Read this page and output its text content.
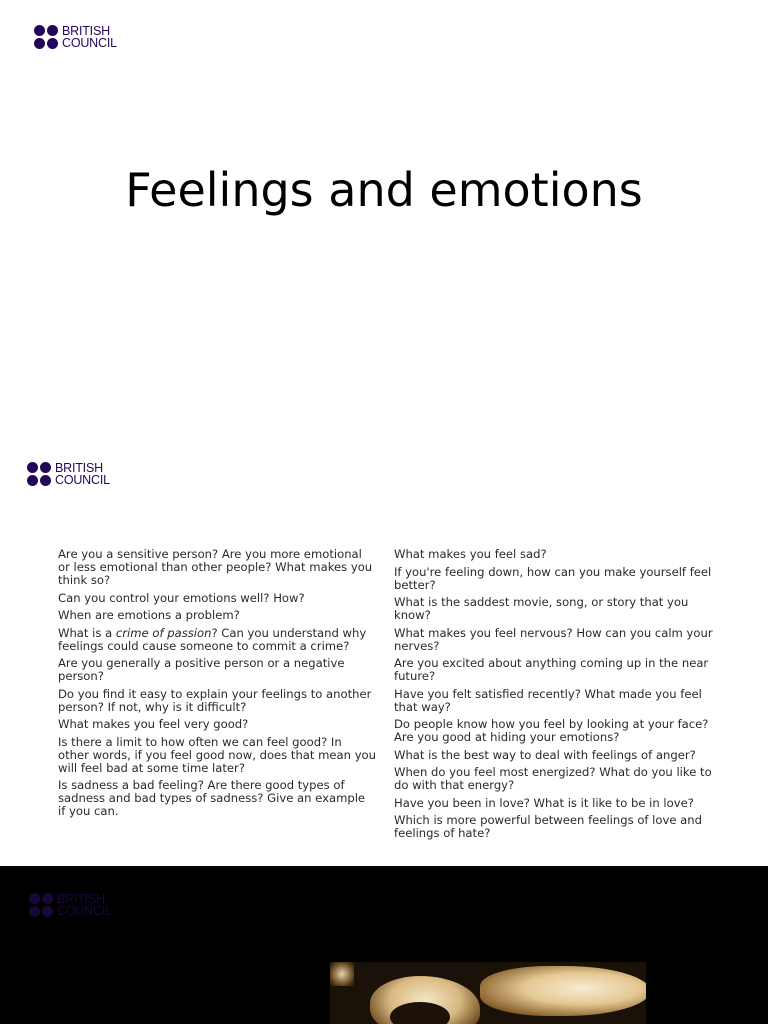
BRITISH
COUNCIL
Feelings and emotions
BRITISH
COUNCIL

Are you a sensitive person? Are you more emotional or less emotional than other people? What makes you think so?

Can you control your emotions well? How?

When are emotions a problem?

What is a crime of passion? Can you understand why feelings could cause someone to commit a crime?

Are you generally a positive person or a negative person?

Do you find it easy to explain your feelings to another person? If not, why is it difficult?

What makes you feel very good?

Is there a limit to how often we can feel good? In other words, if you feel good now, does that mean you will feel bad at some time later?

Is sadness a bad feeling? Are there good types of sadness and bad types of sadness? Give an example if you can.

What makes you feel sad?

If you're feeling down, how can you make yourself feel better?

What is the saddest movie, song, or story that you know?

What makes you feel nervous? How can you calm your nerves?

Are you excited about anything coming up in the near future?

Have you felt satisfied recently? What made you feel that way?

Do people know how you feel by looking at your face? Are you good at hiding your emotions?

What is the best way to deal with feelings of anger?

When do you feel most energized? What do you like to do with that energy?

Have you been in love? What is it like to be in love?

Which is more powerful between feelings of love and feelings of hate?

BRITISH
COUNCIL
